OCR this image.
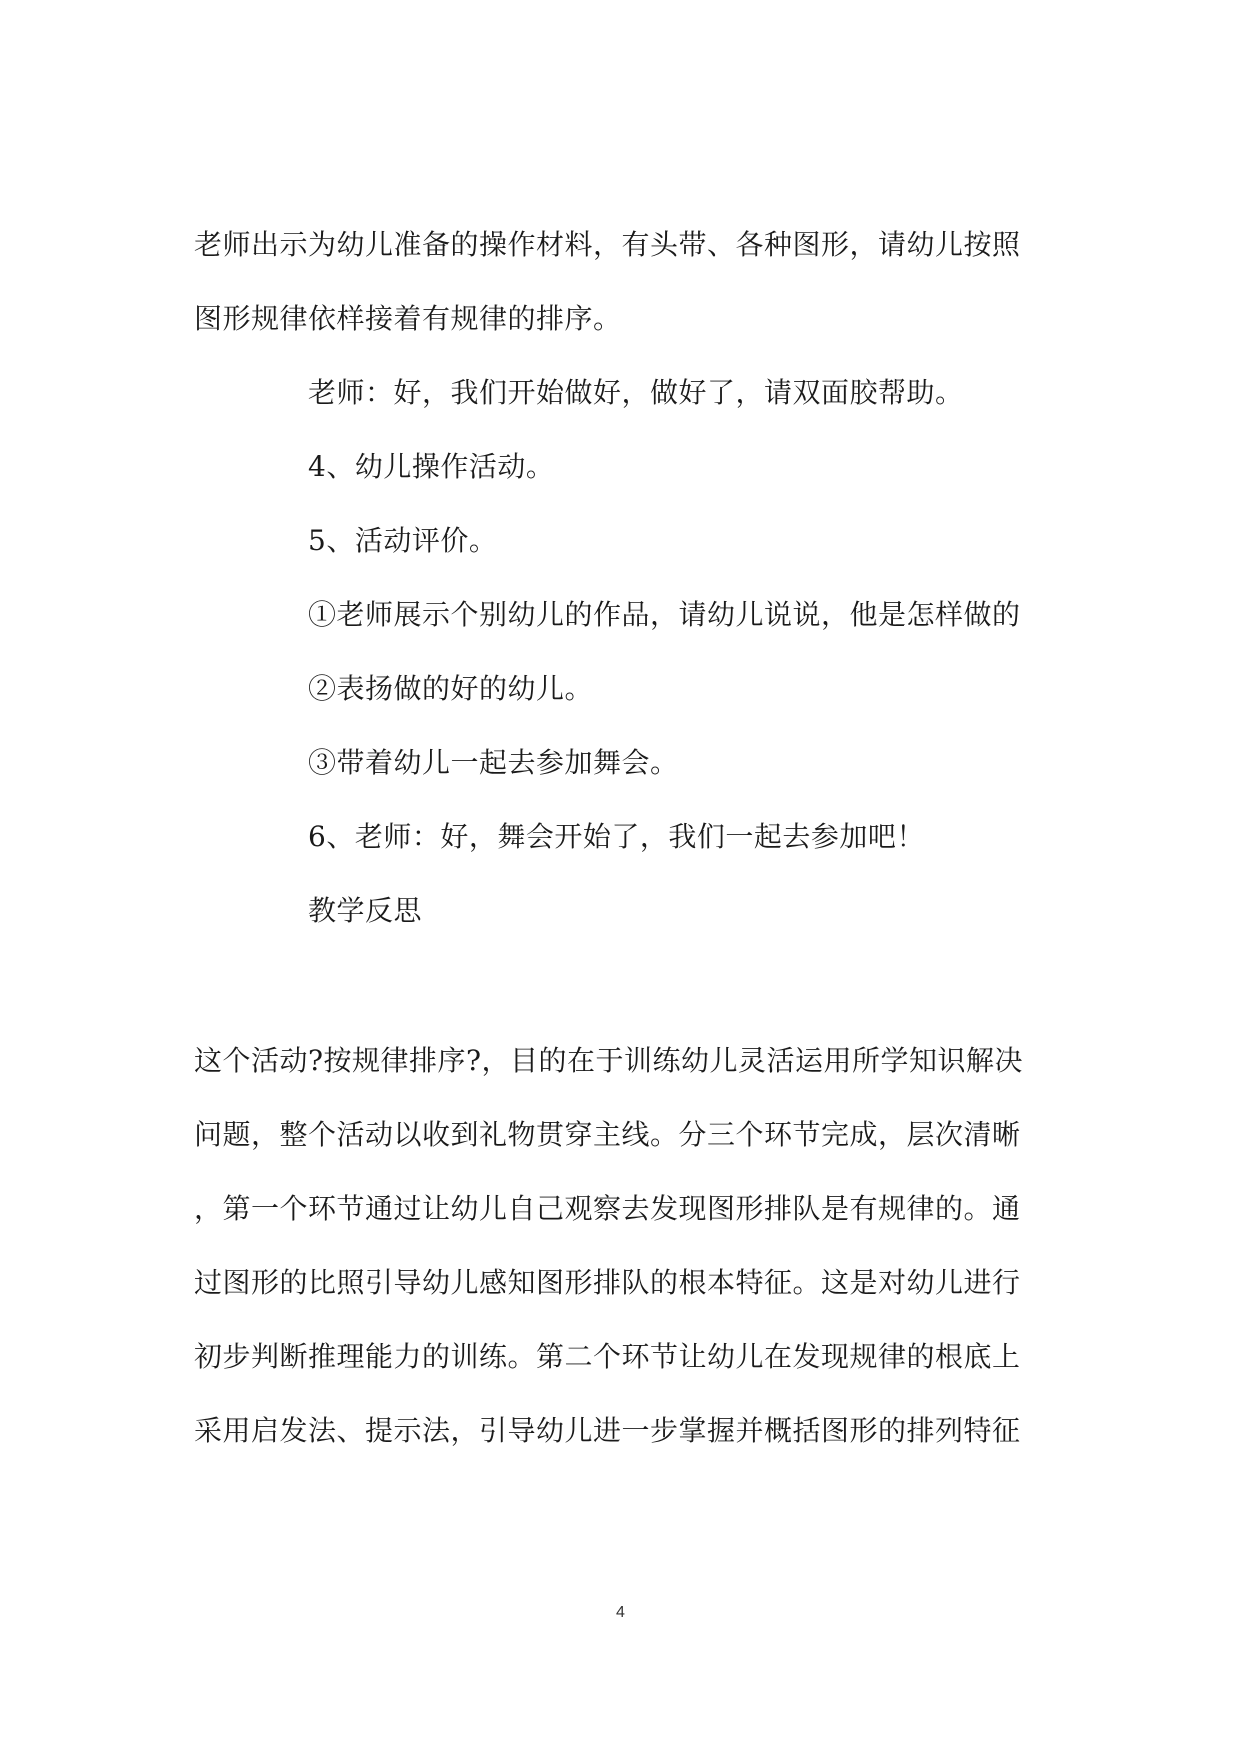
老师出示为幼儿准备的操作材料，有头带、各种图形，请幼儿按照
图形规律依样接着有规律的排序。
老师：好，我们开始做好，做好了，请双面胶帮助。
4、幼儿操作活动。
5、活动评价。
①老师展示个别幼儿的作品，请幼儿说说，他是怎样做的
②表扬做的好的幼儿。
③带着幼儿一起去参加舞会。
6、老师：好，舞会开始了，我们一起去参加吧！
教学反思
这个活动?按规律排序?，目的在于训练幼儿灵活运用所学知识解决
问题，整个活动以收到礼物贯穿主线。分三个环节完成，层次清晰
，第一个环节通过让幼儿自己观察去发现图形排队是有规律的。通
过图形的比照引导幼儿感知图形排队的根本特征。这是对幼儿进行
初步判断推理能力的训练。第二个环节让幼儿在发现规律的根底上
采用启发法、提示法，引导幼儿进一步掌握并概括图形的排列特征
4
